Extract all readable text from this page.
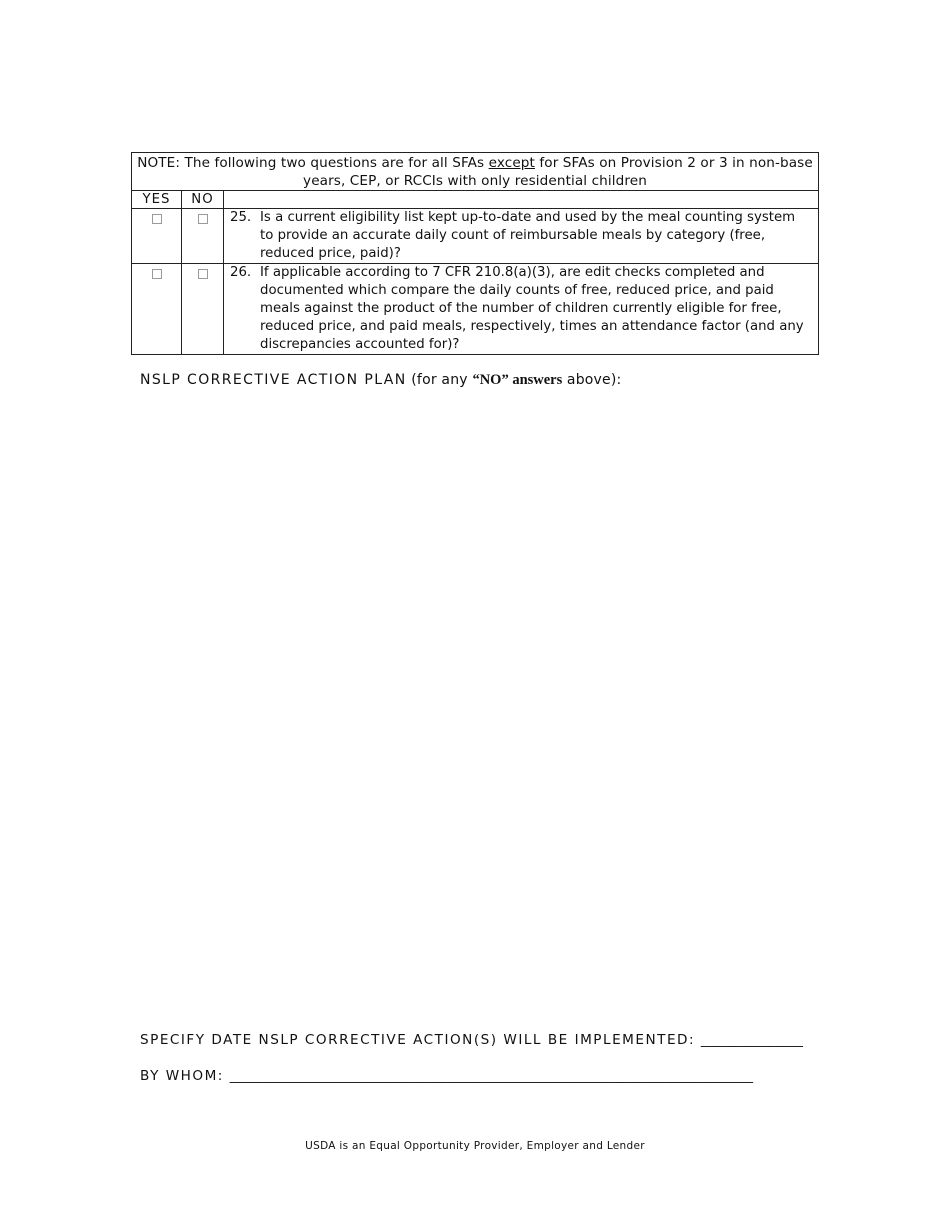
NOTE: The following two questions are for all SFAs except for SFAs on Provision 2 or 3 in non-base years, CEP, or RCCIs with only residential children		
YES	NO	

		25. Is a current eligibility list kept up-to-date and used by the meal counting system to provide an accurate daily count of reimbursable meals by category (free, reduced price, paid)?

		26. If applicable according to 7 CFR 210.8(a)(3), are edit checks completed and documented which compare the daily counts of free, reduced price, and paid meals against the product of the number of children currently eligible for free, reduced price, and paid meals, respectively, times an attendance factor (and any discrepancies accounted for)?
NSLP CORRECTIVE ACTION PLAN (for any “NO” answers above):
SPECIFY DATE NSLP CORRECTIVE ACTION(S) WILL BE IMPLEMENTED: _______________
BY WHOM: _____________________________________________________________________________
USDA is an Equal Opportunity Provider, Employer and Lender
